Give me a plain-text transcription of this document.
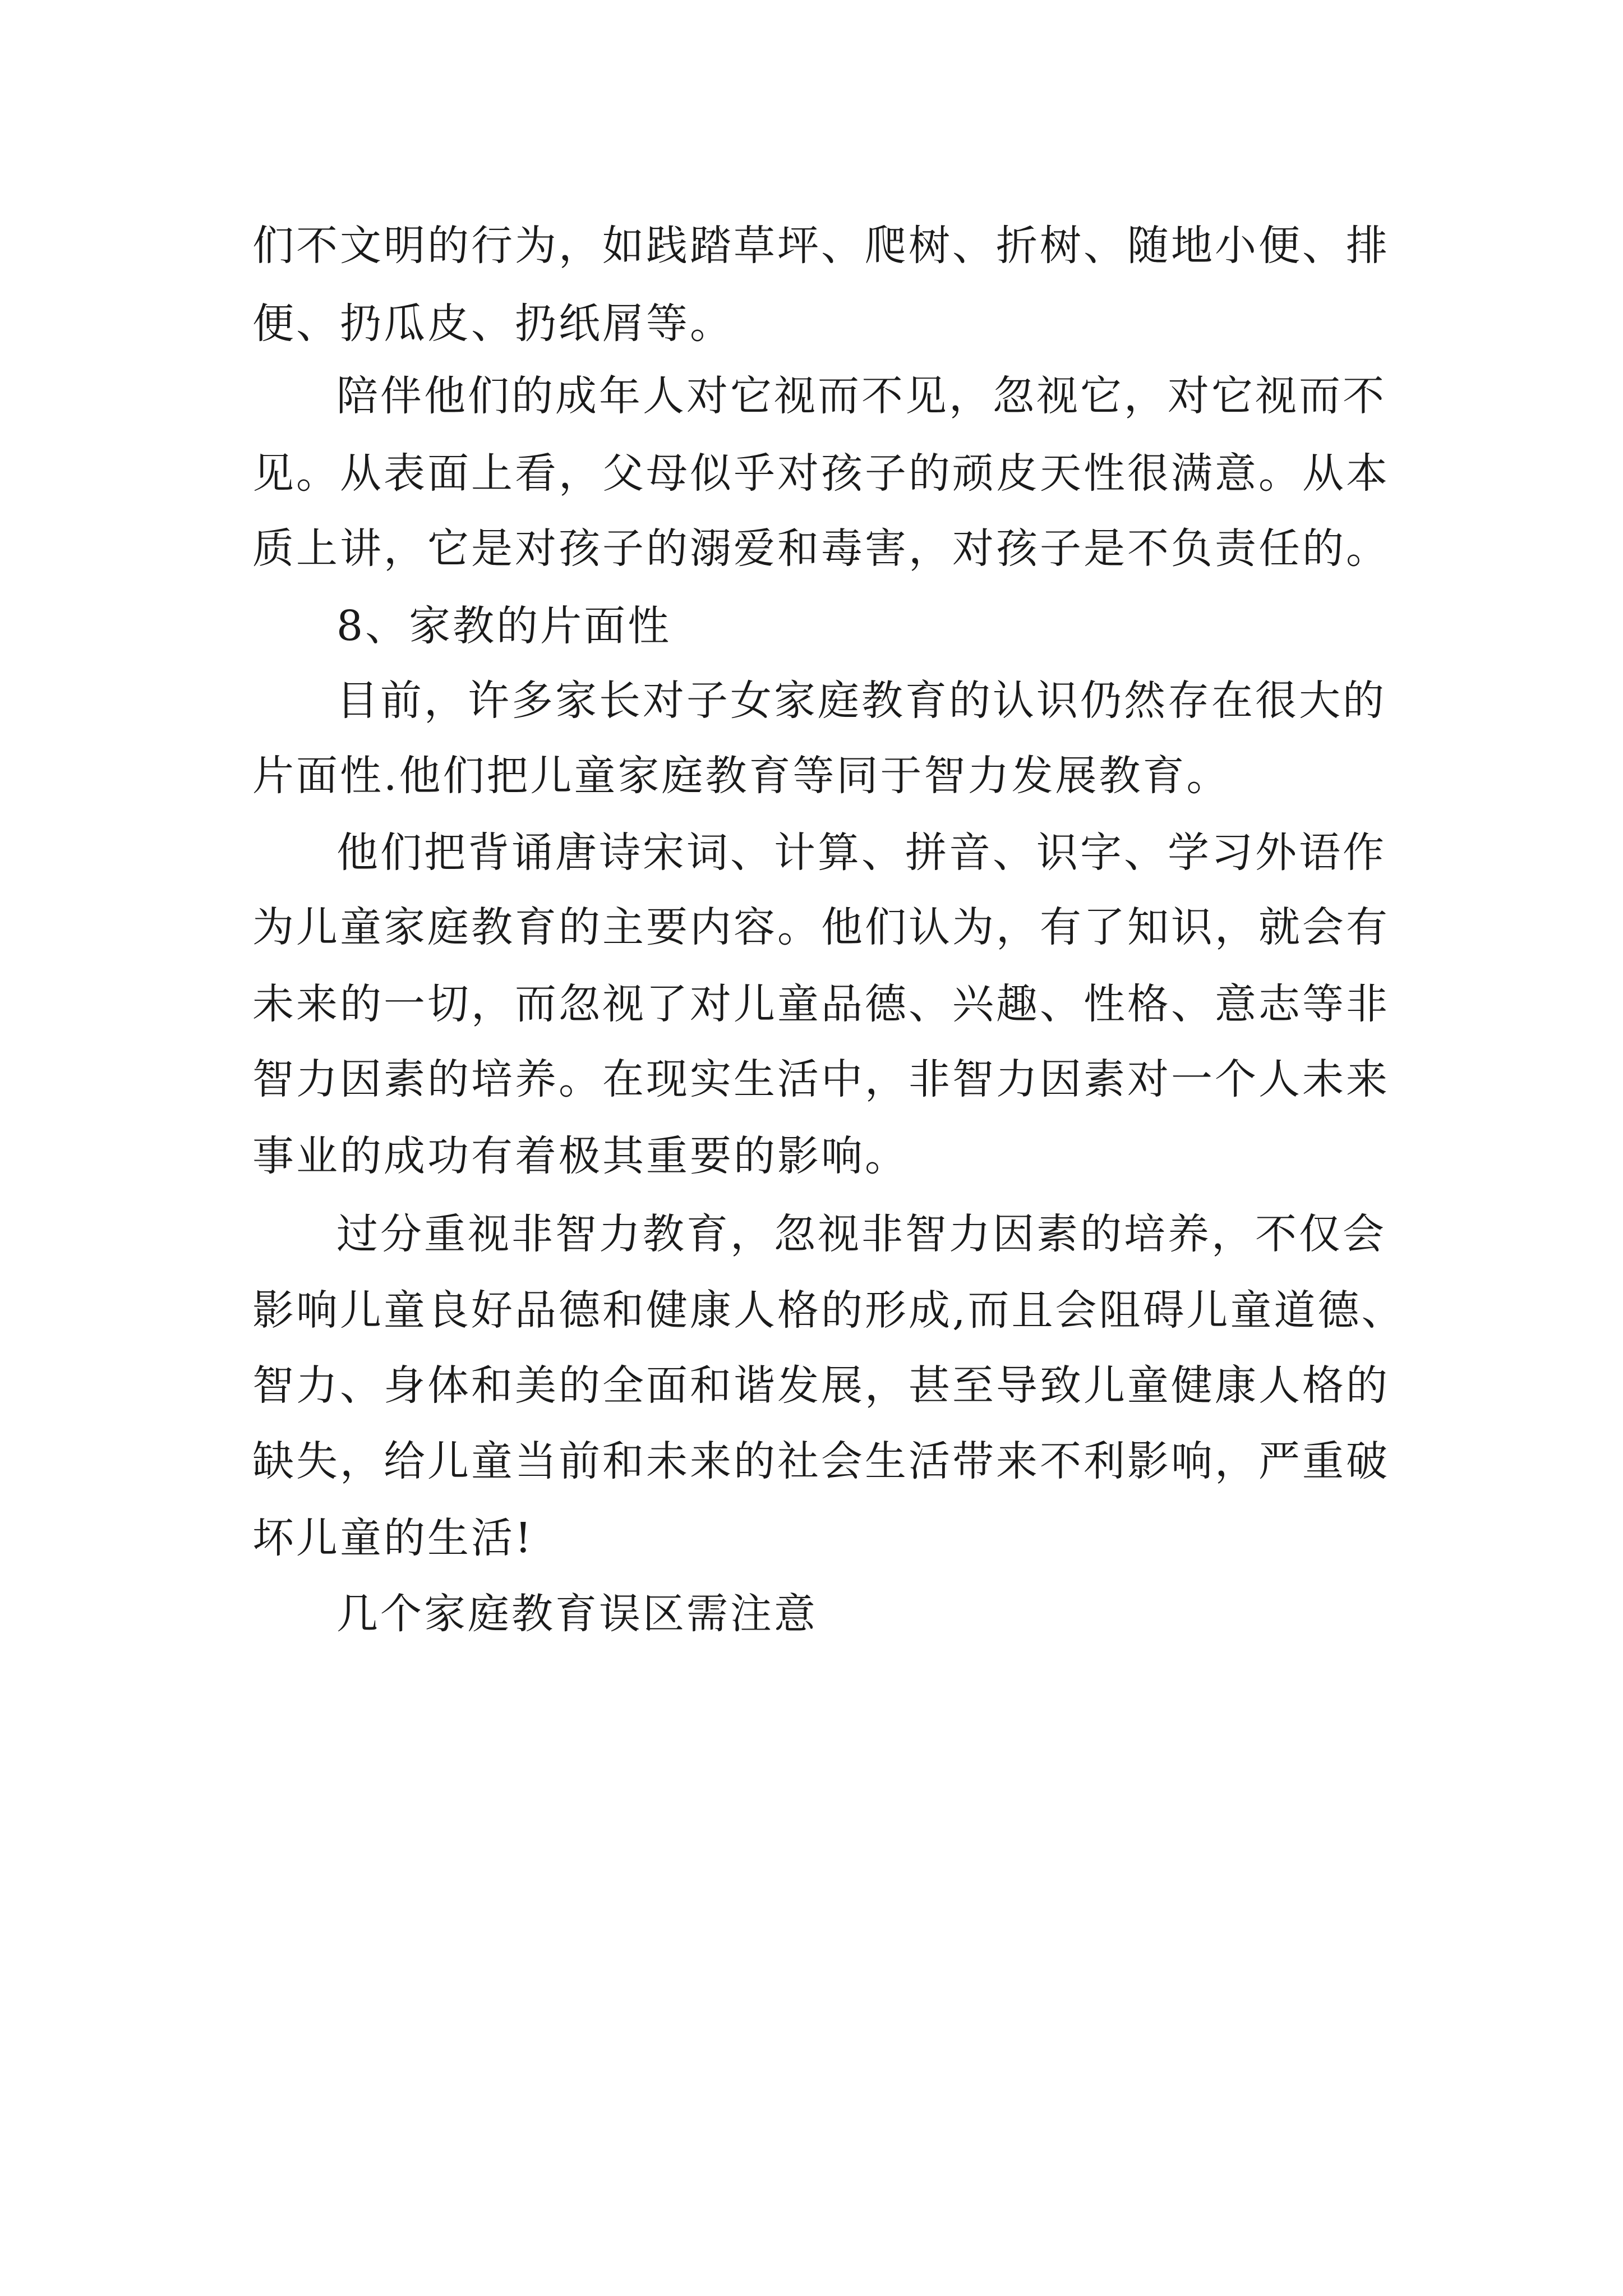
们不文明的行为，如践踏草坪、爬树、折树、随地小便、排

便、扔瓜皮、扔纸屑等。

陪伴他们的成年人对它视而不见，忽视它，对它视而不

见。从表面上看，父母似乎对孩子的顽皮天性很满意。从本

质上讲，它是对孩子的溺爱和毒害，对孩子是不负责任的。

8、家教的片面性

目前，许多家长对子女家庭教育的认识仍然存在很大的

片面性.他们把儿童家庭教育等同于智力发展教育。

他们把背诵唐诗宋词、计算、拼音、识字、学习外语作

为儿童家庭教育的主要内容。他们认为，有了知识，就会有

未来的一切，而忽视了对儿童品德、兴趣、性格、意志等非

智力因素的培养。在现实生活中，非智力因素对一个人未来

事业的成功有着极其重要的影响。

过分重视非智力教育，忽视非智力因素的培养，不仅会

影响儿童良好品德和健康人格的形成,而且会阻碍儿童道德、

智力、身体和美的全面和谐发展，甚至导致儿童健康人格的

缺失，给儿童当前和未来的社会生活带来不利影响，严重破

坏儿童的生活!

几个家庭教育误区需注意
